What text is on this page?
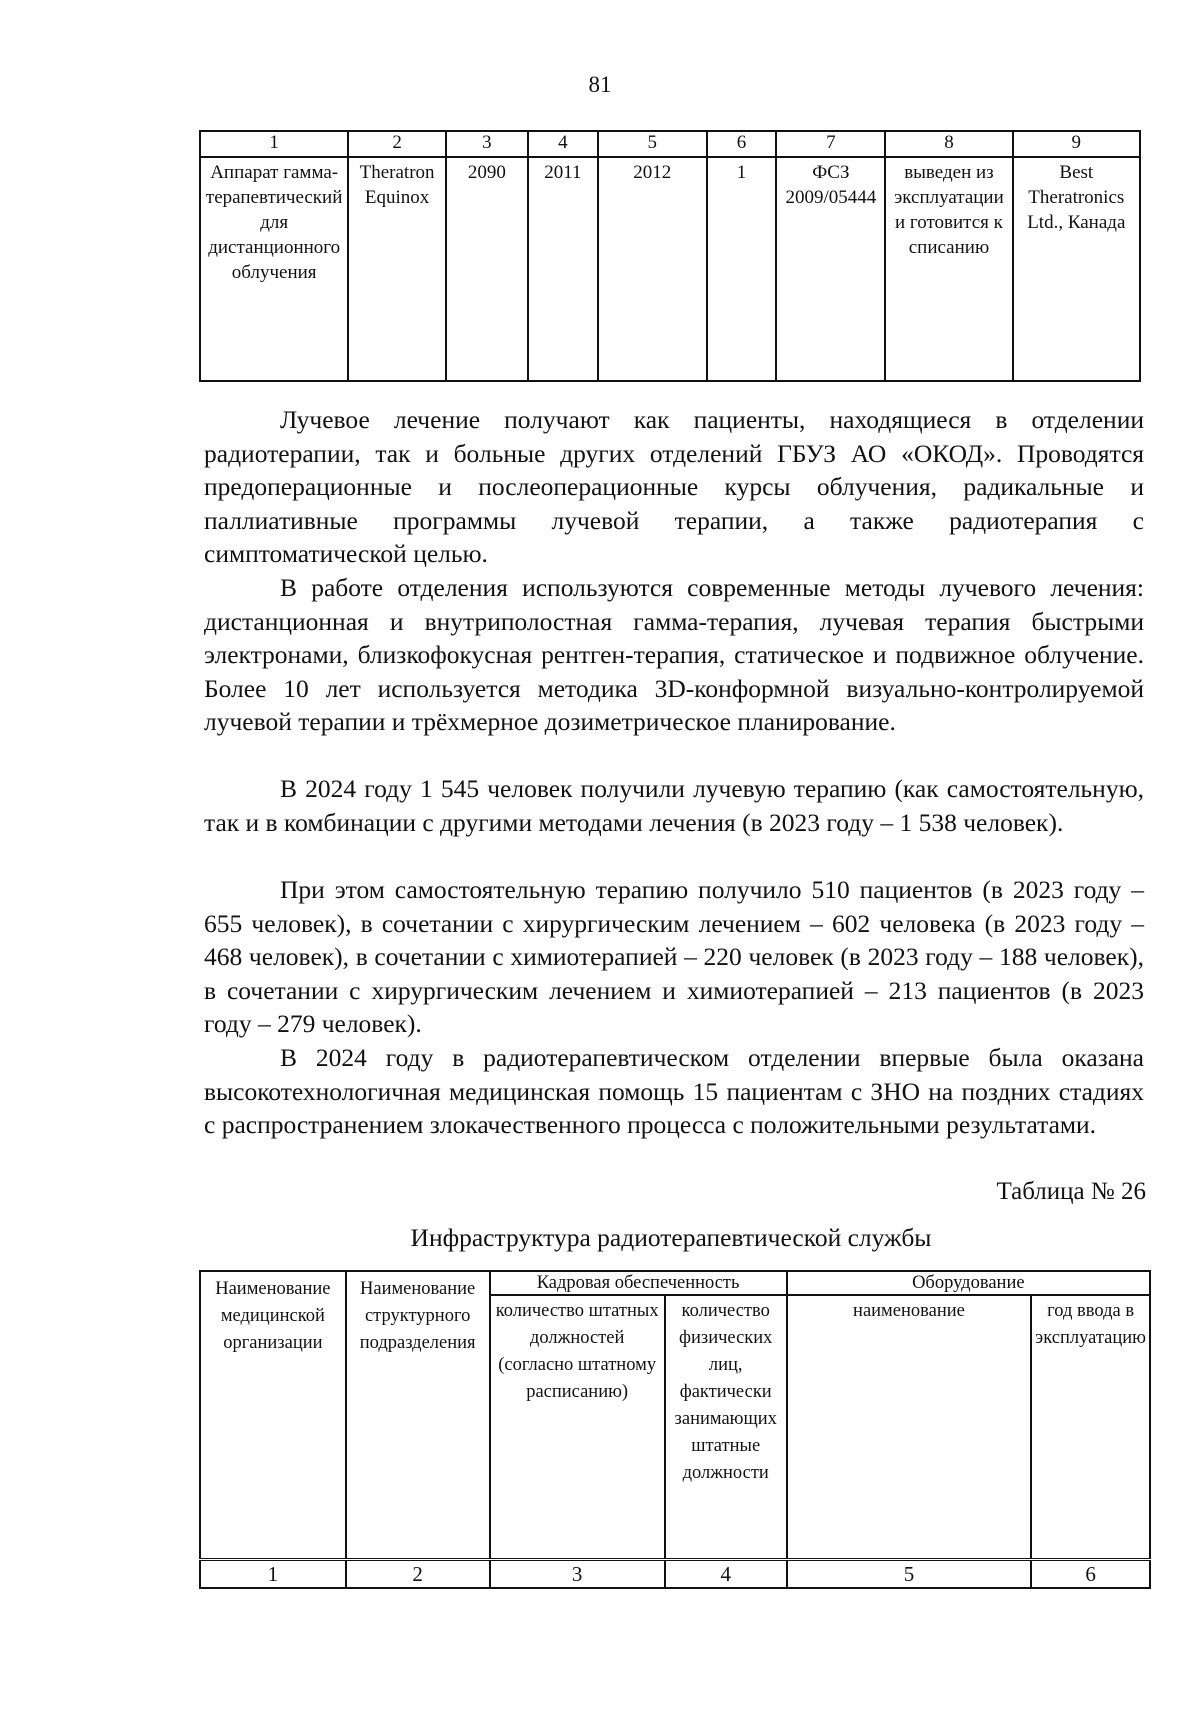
81
1	2	3	4	5	6	7	8	9
Аппарат гамма-терапевтический для дистанционного облучения	Theratron Equinox	2090	2011	2012	1	ФСЗ 2009/05444	выведен из эксплуатации и готовится к списанию	Best Theratronics Ltd., Канада

Лучевое лечение получают как пациенты, находящиеся в отделении радиотерапии, так и больные других отделений ГБУЗ АО «ОКОД». Проводятся предоперационные и послеоперационные курсы облучения, радикальные и паллиативные программы лучевой терапии, а также радиотерапия с симптоматической целью.

В работе отделения используются современные методы лучевого лечения: дистанционная и внутриполостная гамма-терапия, лучевая терапия быстрыми электронами, близкофокусная рентген-терапия, статическое и подвижное облучение. Более 10 лет используется методика 3D-конформной визуально-контролируемой лучевой терапии и трёхмерное дозиметрическое планирование.

В 2024 году 1 545 человек получили лучевую терапию (как самостоятельную, так и в комбинации с другими методами лечения (в 2023 году – 1 538 человек).

При этом самостоятельную терапию получило 510 пациентов (в 2023 году – 655 человек), в сочетании с хирургическим лечением – 602 человека (в 2023 году – 468 человек), в сочетании с химиотерапией – 220 человек (в 2023 году – 188 человек), в сочетании с хирургическим лечением и химиотерапией – 213 пациентов (в 2023 году – 279 человек).

В 2024 году в радиотерапевтическом отделении впервые была оказана высокотехнологичная медицинская помощь 15 пациентам с ЗНО на поздних стадиях с распространением злокачественного процесса с положительными результатами.

Таблица № 26
Инфраструктура радиотерапевтической службы
Наименование медицинской организации	Наименование структурного подразделения	Кадровая обеспеченность		Оборудование	
		количество штатных должностей (согласно штатному расписанию)	количество физических лиц, фактически занимающих штатные должности	наименование	год ввода в эксплуатацию
1	2	3	4	5	6
